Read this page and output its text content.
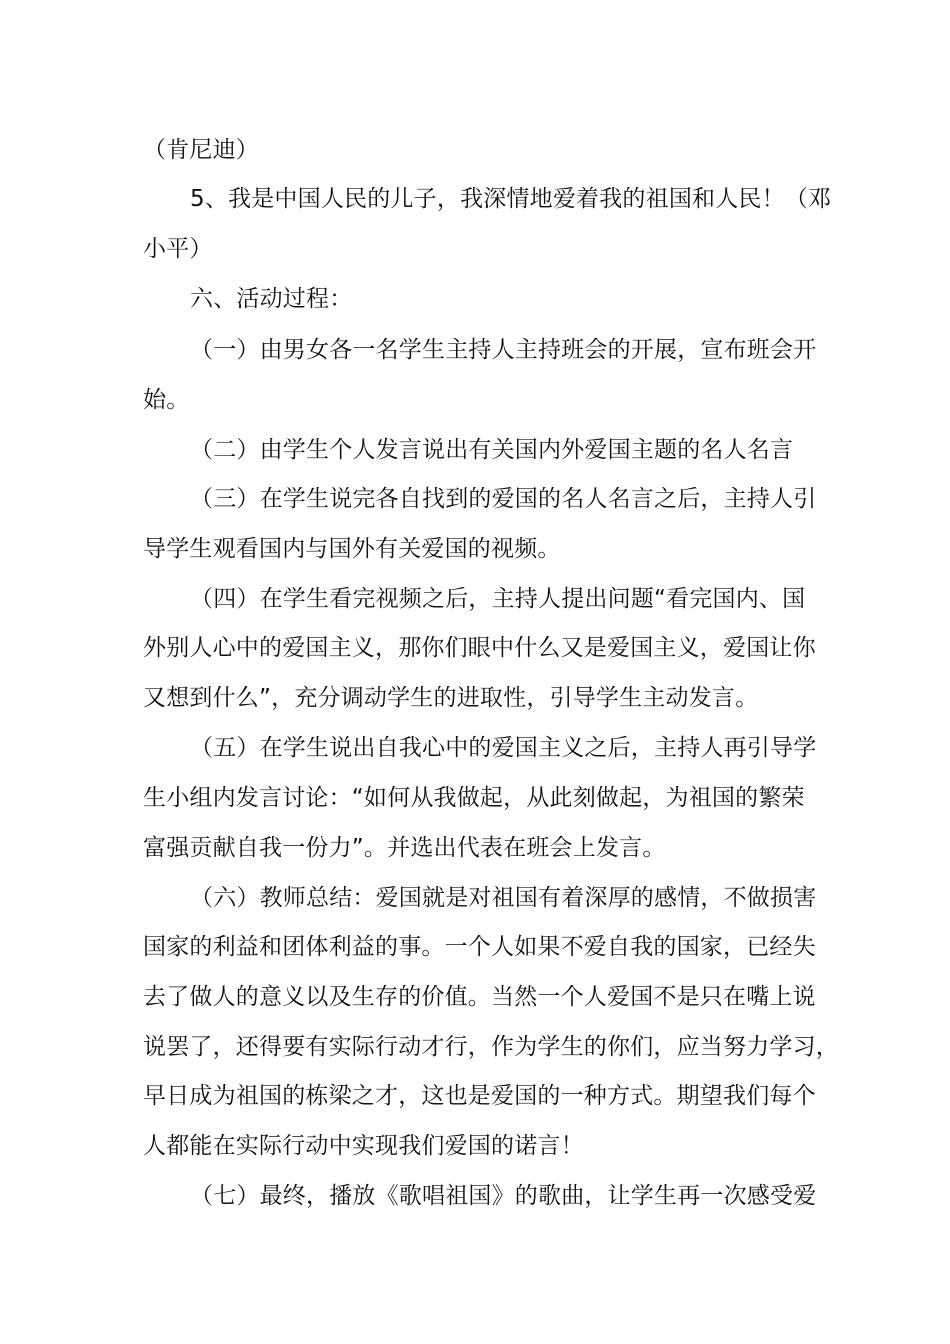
（肯尼迪）
5、我是中国人民的儿子，我深情地爱着我的祖国和人民！（邓
小平）
六、活动过程：
（一）由男女各一名学生主持人主持班会的开展，宣布班会开
始。
（二）由学生个人发言说出有关国内外爱国主题的名人名言
（三）在学生说完各自找到的爱国的名人名言之后，主持人引
导学生观看国内与国外有关爱国的视频。
（四）在学生看完视频之后，主持人提出问题“看完国内、国
外别人心中的爱国主义，那你们眼中什么又是爱国主义，爱国让你
又想到什么”，充分调动学生的进取性，引导学生主动发言。
（五）在学生说出自我心中的爱国主义之后，主持人再引导学
生小组内发言讨论：“如何从我做起，从此刻做起，为祖国的繁荣
富强贡献自我一份力”。并选出代表在班会上发言。
（六）教师总结：爱国就是对祖国有着深厚的感情，不做损害
国家的利益和团体利益的事。一个人如果不爱自我的国家，已经失
去了做人的意义以及生存的价值。当然一个人爱国不是只在嘴上说
说罢了，还得要有实际行动才行，作为学生的你们，应当努力学习，
早日成为祖国的栋梁之才，这也是爱国的一种方式。期望我们每个
人都能在实际行动中实现我们爱国的诺言！
（七）最终，播放《歌唱祖国》的歌曲，让学生再一次感受爱
